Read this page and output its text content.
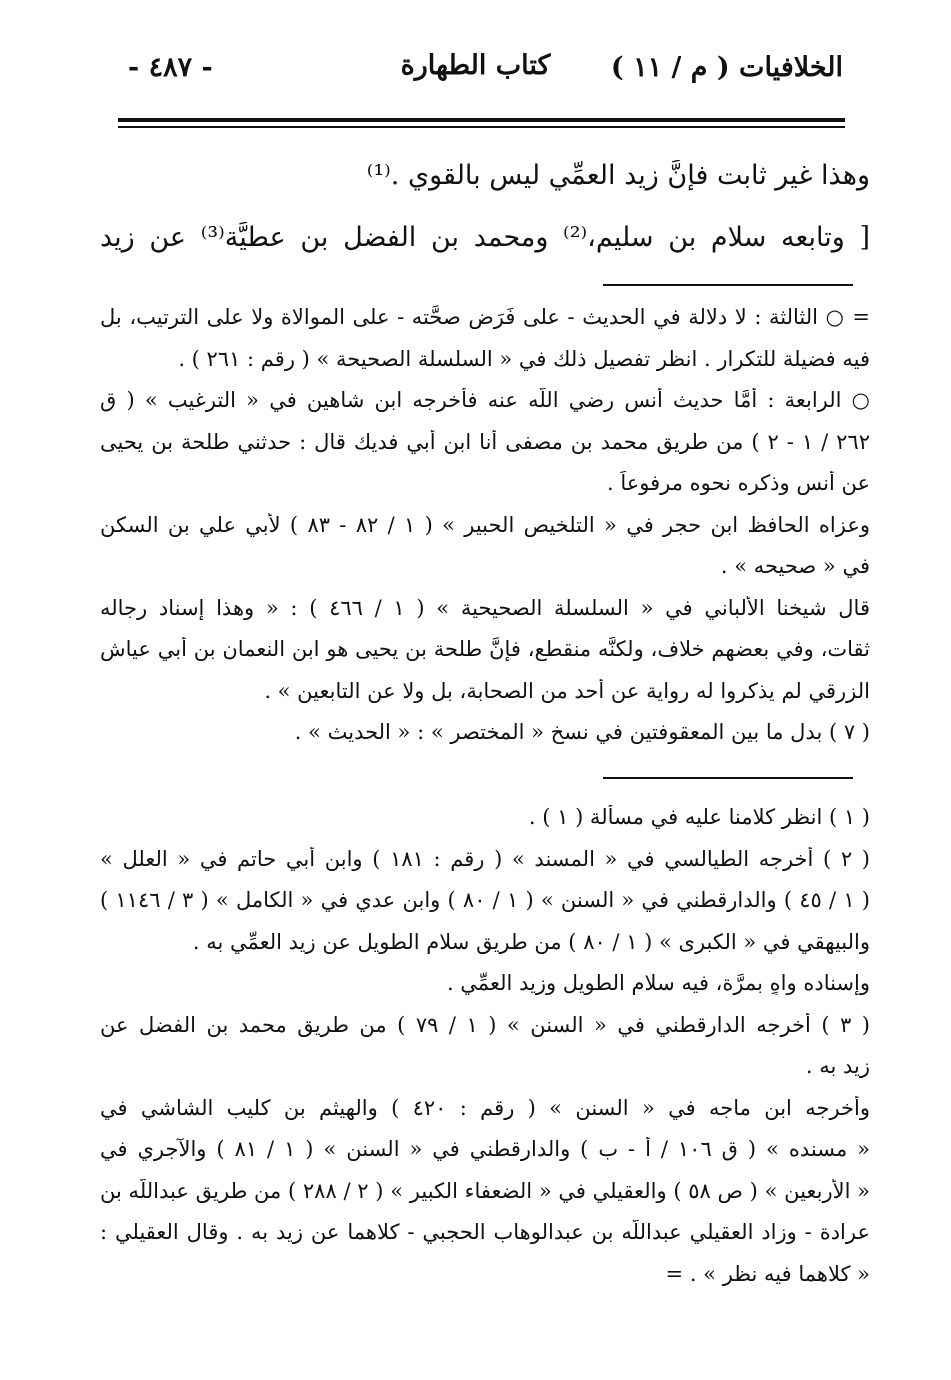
- ٤٨٧ -	كتاب الطهارة	الخلافيات ( م / ١١ )
وهذا غير ثابت فإنَّ زيد العمِّي ليس بالقوي .⁽¹⁾
[ وتابعه سلام بن سليم،⁽²⁾ ومحمد بن الفضل بن عطيَّة⁽³⁾ عن زيد
= ○ الثالثة : لا دلالة في الحديث - على فَرَض صحَّته - على الموالاة ولا على الترتيب، بل
فيه فضيلة للتكرار . انظر تفصيل ذلك في « السلسلة الصحيحة » ( رقم : ٢٦١ ) .
○ الرابعة : أمَّا حديث أنس رضي اللَّه عنه فأخرجه ابن شاهين في « الترغيب » ( ق
٢٦٢ / ١ - ٢ ) من طريق محمد بن مصفى أنا ابن أبي فديك قال : حدثني طلحة بن يحيى
عن أنس وذكره نحوه مرفوعاً .
وعزاه الحافظ ابن حجر في « التلخيص الحبير » ( ١ / ٨٢ - ٨٣ ) لأبي علي بن السكن
في « صحيحه » .
قال شيخنا الألباني في « السلسلة الصحيحية » ( ١ / ٤٦٦ ) : « وهذا إسناد رجاله
ثقات، وفي بعضهم خلاف، ولكنَّه منقطع، فإنَّ طلحة بن يحيى هو ابن النعمان بن أبي عياش
الزرقي لم يذكروا له رواية عن أحد من الصحابة، بل ولا عن التابعين » .
( ٧ ) بدل ما بين المعقوفتين في نسخ « المختصر » : « الحديث » .
( ١ ) انظر كلامنا عليه في مسألة ( ١ ) .
( ٢ ) أخرجه الطيالسي في « المسند » ( رقم : ١٨١ ) وابن أبي حاتم في « العلل »
( ١ / ٤٥ ) والدارقطني في « السنن » ( ١ / ٨٠ ) وابن عدي في « الكامل » ( ٣ / ١١٤٦ )
والبيهقي في « الكبرى » ( ١ / ٨٠ ) من طريق سلام الطويل عن زيد العمِّي به .
وإسناده واهٍ بمرَّة، فيه سلام الطويل وزيد العمِّي .
( ٣ ) أخرجه الدارقطني في « السنن » ( ١ / ٧٩ ) من طريق محمد بن الفضل عن
زيد به .
وأخرجه ابن ماجه في « السنن » ( رقم : ٤٢٠ ) والهيثم بن كليب الشاشي في
« مسنده » ( ق ١٠٦ / أ - ب ) والدارقطني في « السنن » ( ١ / ٨١ ) والآجري في
« الأربعين » ( ص ٥٨ ) والعقيلي في « الضعفاء الكبير » ( ٢ / ٢٨٨ ) من طريق عبداللَّه بن
عرادة - وزاد العقيلي عبداللَّه بن عبدالوهاب الحجبي - كلاهما عن زيد به . وقال العقيلي :
« كلاهما فيه نظر » . =
